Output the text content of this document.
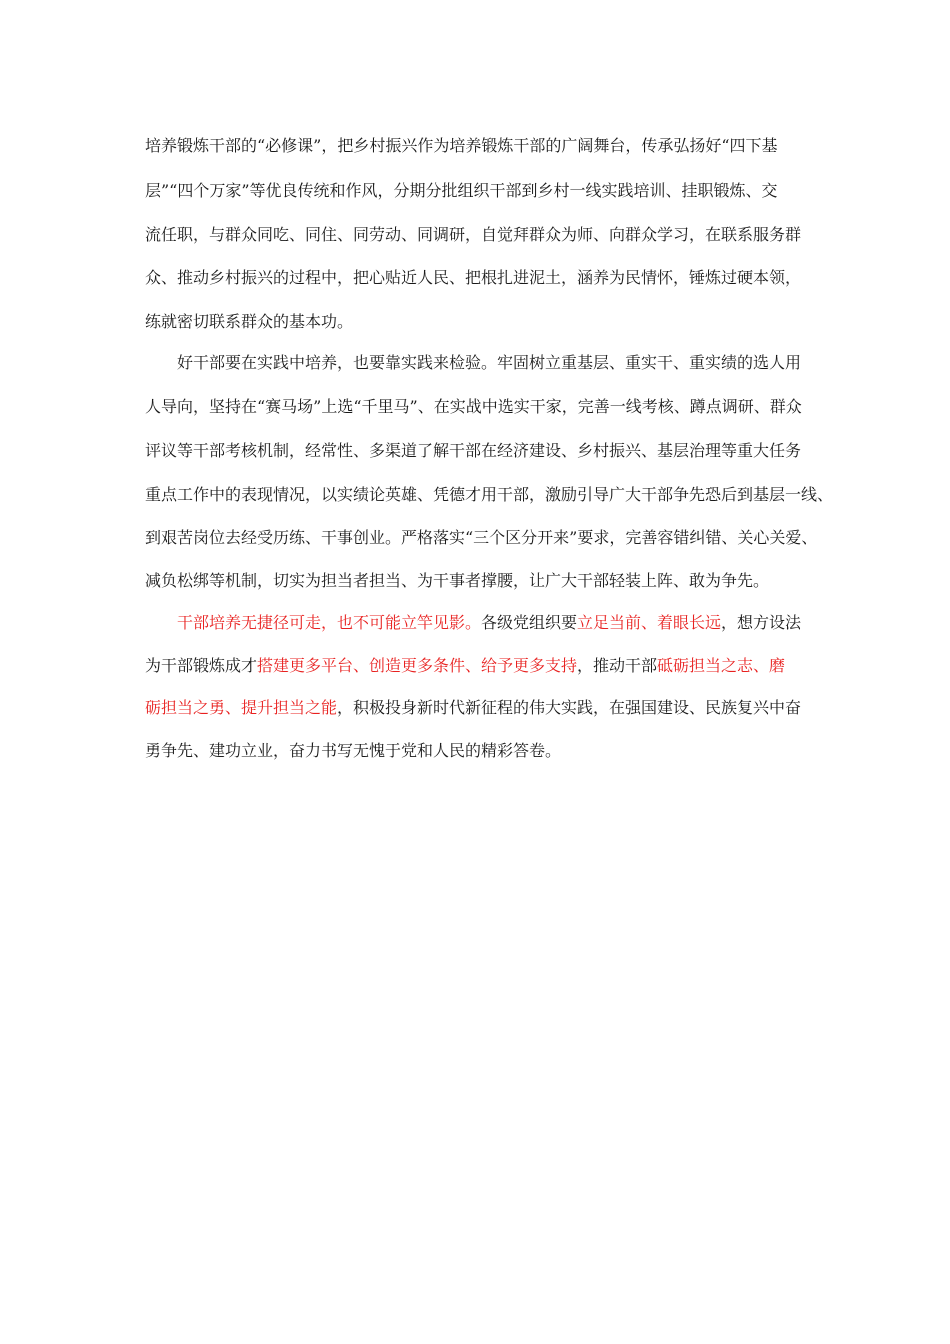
培养锻炼干部的“必修课”，把乡村振兴作为培养锻炼干部的广阔舞台，传承弘扬好“四下基
层”“四个万家”等优良传统和作风，分期分批组织干部到乡村一线实践培训、挂职锻炼、交
流任职，与群众同吃、同住、同劳动、同调研，自觉拜群众为师、向群众学习，在联系服务群
众、推动乡村振兴的过程中，把心贴近人民、把根扎进泥土，涵养为民情怀，锤炼过硬本领，
练就密切联系群众的基本功。
好干部要在实践中培养，也要靠实践来检验。牢固树立重基层、重实干、重实绩的选人用
人导向，坚持在“赛马场”上选“千里马”、在实战中选实干家，完善一线考核、蹲点调研、群众
评议等干部考核机制，经常性、多渠道了解干部在经济建设、乡村振兴、基层治理等重大任务
重点工作中的表现情况，以实绩论英雄、凭德才用干部，激励引导广大干部争先恐后到基层一线、
到艰苦岗位去经受历练、干事创业。严格落实“三个区分开来”要求，完善容错纠错、关心关爱、
减负松绑等机制，切实为担当者担当、为干事者撑腰，让广大干部轻装上阵、敢为争先。
干部培养无捷径可走，也不可能立竿见影。各级党组织要立足当前、着眼长远，想方设法
为干部锻炼成才搭建更多平台、创造更多条件、给予更多支持，推动干部砥砺担当之志、磨
砺担当之勇、提升担当之能，积极投身新时代新征程的伟大实践，在强国建设、民族复兴中奋
勇争先、建功立业，奋力书写无愧于党和人民的精彩答卷。
